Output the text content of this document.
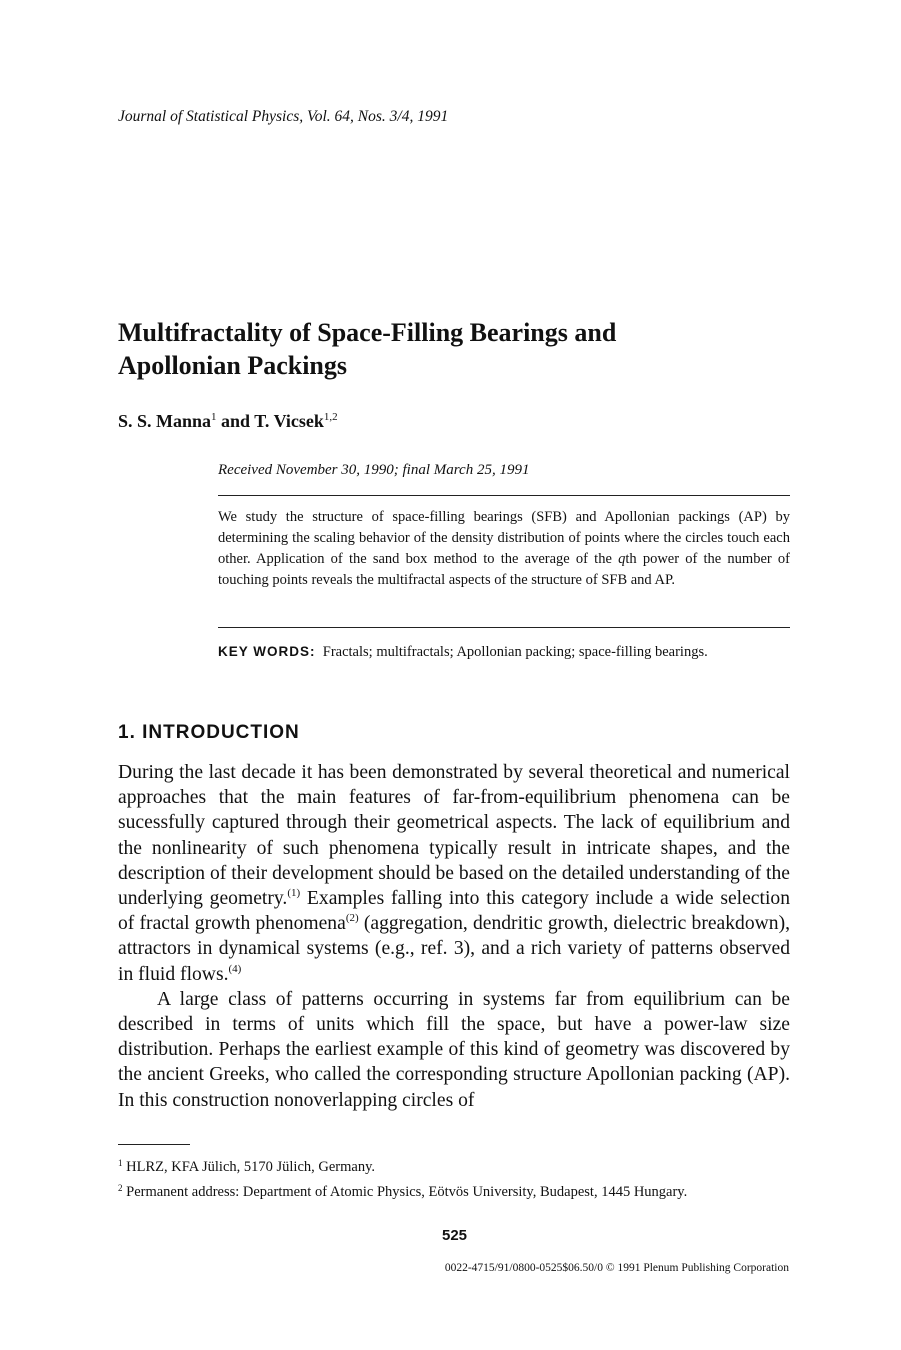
Journal of Statistical Physics, Vol. 64, Nos. 3/4, 1991
Multifractality of Space-Filling Bearings and
Apollonian Packings
S. S. Manna$^1$ and T. Vicsek$^{1,2}$
Received November 30, 1990; final March 25, 1991
We study the structure of space-filling bearings (SFB) and Apollonian packings (AP) by determining the scaling behavior of the density distribution of points where the circles touch each other. Application of the sand box method to the average of the qth power of the number of touching points reveals the multifractal aspects of the structure of SFB and AP.
KEY WORDS: Fractals; multifractals; Apollonian packing; space-filling bearings.
1. INTRODUCTION

During the last decade it has been demonstrated by several theoretical and numerical approaches that the main features of far-from-equilibrium phenomena can be sucessfully captured through their geometrical aspects. The lack of equilibrium and the nonlinearity of such phenomena typically result in intricate shapes, and the description of their development should be based on the detailed understanding of the underlying geometry.$^{(1)}$ Examples falling into this category include a wide selection of fractal growth phenomena$^{(2)}$ (aggregation, dendritic growth, dielectric breakdown), attractors in dynamical systems (e.g., ref. 3), and a rich variety of patterns observed in fluid flows.$^{(4)}$

A large class of patterns occurring in systems far from equilibrium can be described in terms of units which fill the space, but have a power-law size distribution. Perhaps the earliest example of this kind of geometry was discovered by the ancient Greeks, who called the corresponding structure Apollonian packing (AP). In this construction nonoverlapping circles of

$^1$ HLRZ, KFA Jülich, 5170 Jülich, Germany.

$^2$ Permanent address: Department of Atomic Physics, Eötvös University, Budapest, 1445 Hungary.

525
0022-4715/91/0800-0525$06.50/0 © 1991 Plenum Publishing Corporation
